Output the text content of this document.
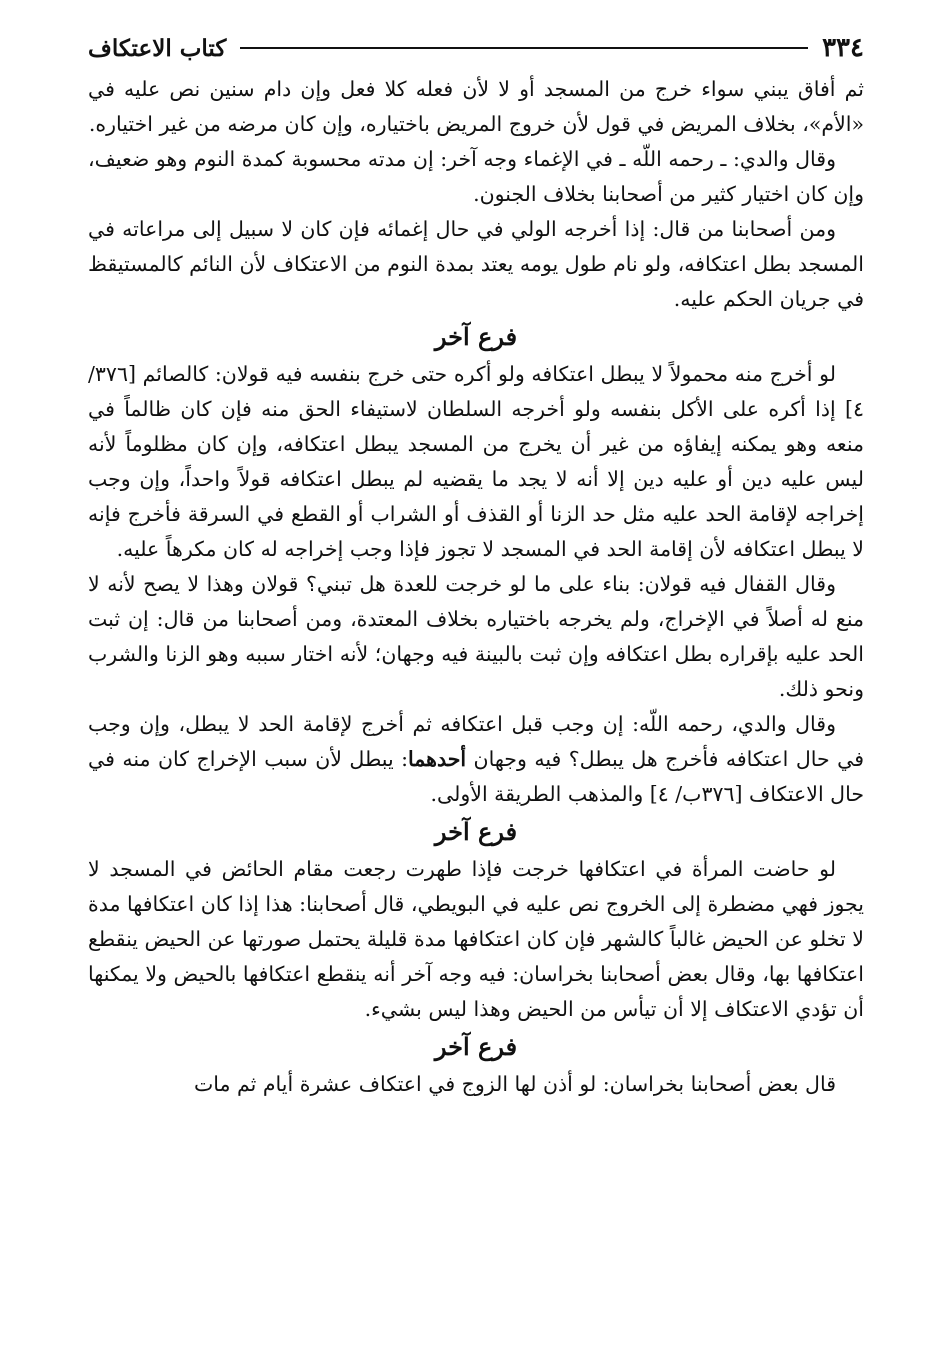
٣٣٤
كتاب الاعتكاف

ثم أفاق يبني سواء خرج من المسجد أو لا لأن فعله كلا فعل وإن دام سنين نص عليه في «الأم»، بخلاف المريض في قول لأن خروج المريض باختياره، وإن كان مرضه من غير اختياره.

وقال والدي: ـ رحمه اللّه ـ في الإغماء وجه آخر: إن مدته محسوبة كمدة النوم وهو ضعيف، وإن كان اختيار كثير من أصحابنا بخلاف الجنون.

ومن أصحابنا من قال: إذا أخرجه الولي في حال إغمائه فإن كان لا سبيل إلى مراعاته في المسجد بطل اعتكافه، ولو نام طول يومه يعتد بمدة النوم من الاعتكاف لأن النائم كالمستيقظ في جريان الحكم عليه.

فرع آخر

لو أخرج منه محمولاً لا يبطل اعتكافه ولو أكره حتى خرج بنفسه فيه قولان: كالصائم [٣٧٦/ ٤] إذا أكره على الأكل بنفسه ولو أخرجه السلطان لاستيفاء الحق منه فإن كان ظالماً في منعه وهو يمكنه إيفاؤه من غير أن يخرج من المسجد يبطل اعتكافه، وإن كان مظلوماً لأنه ليس عليه دين أو عليه دين إلا أنه لا يجد ما يقضيه لم يبطل اعتكافه قولاً واحداً، وإن وجب إخراجه لإقامة الحد عليه مثل حد الزنا أو القذف أو الشراب أو القطع في السرقة فأخرج فإنه لا يبطل اعتكافه لأن إقامة الحد في المسجد لا تجوز فإذا وجب إخراجه له كان مكرهاً عليه.

وقال القفال فيه قولان: بناء على ما لو خرجت للعدة هل تبني؟ قولان وهذا لا يصح لأنه لا منع له أصلاً في الإخراج، ولم يخرجه باختياره بخلاف المعتدة، ومن أصحابنا من قال: إن ثبت الحد عليه بإقراره بطل اعتكافه وإن ثبت بالبينة فيه وجهان؛ لأنه اختار سببه وهو الزنا والشرب ونحو ذلك.

وقال والدي، رحمه اللّه: إن وجب قبل اعتكافه ثم أخرج لإقامة الحد لا يبطل، وإن وجب في حال اعتكافه فأخرج هل يبطل؟ فيه وجهان أحدهما: يبطل لأن سبب الإخراج كان منه في حال الاعتكاف [٣٧٦ب/ ٤] والمذهب الطريقة الأولى.

فرع آخر

لو حاضت المرأة في اعتكافها خرجت فإذا طهرت رجعت مقام الحائض في المسجد لا يجوز فهي مضطرة إلى الخروج نص عليه في البويطي، قال أصحابنا: هذا إذا كان اعتكافها مدة لا تخلو عن الحيض غالباً كالشهر فإن كان اعتكافها مدة قليلة يحتمل صورتها عن الحيض ينقطع اعتكافها بها، وقال بعض أصحابنا بخراسان: فيه وجه آخر أنه ينقطع اعتكافها بالحيض ولا يمكنها أن تؤدي الاعتكاف إلا أن تيأس من الحيض وهذا ليس بشيء.

فرع آخر

قال بعض أصحابنا بخراسان: لو أذن لها الزوج في اعتكاف عشرة أيام ثم مات
